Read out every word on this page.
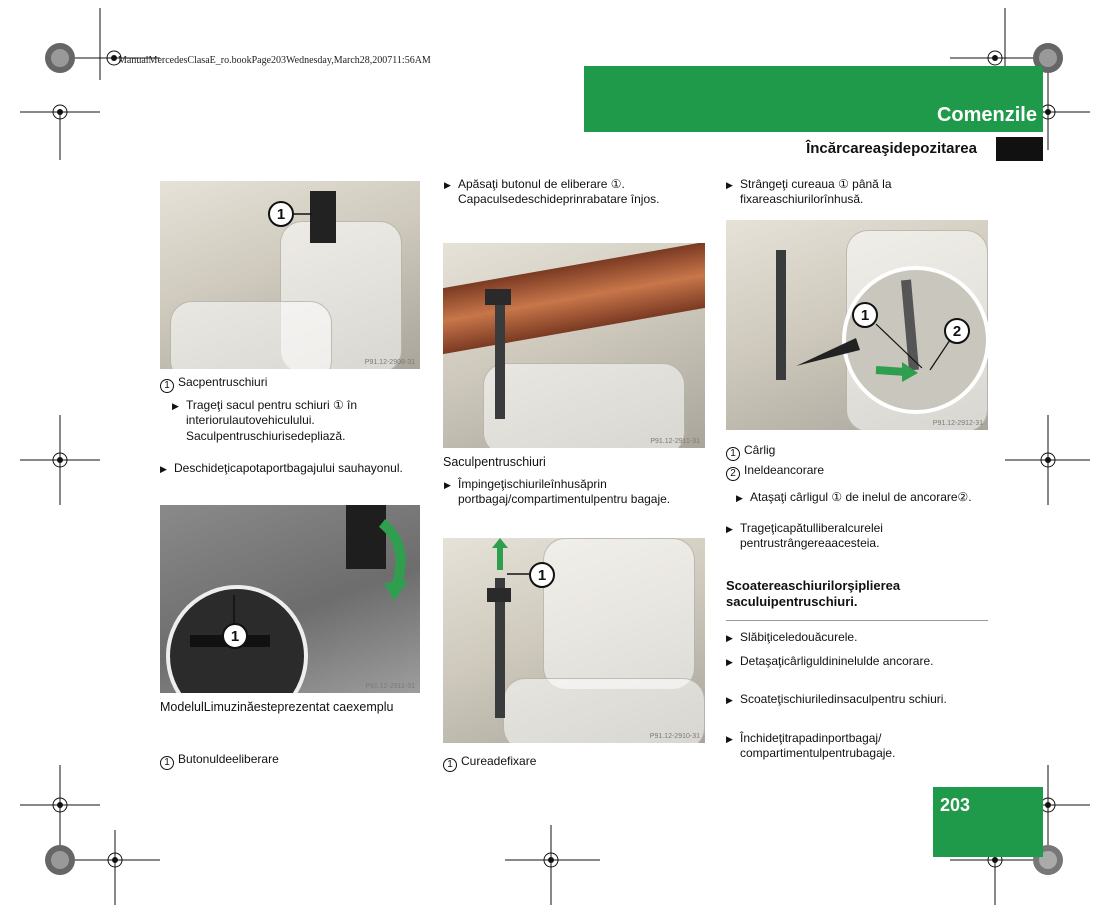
ManualMercedesClasaE_ro.bookPage203Wednesday,March28,200711:56AM
Comenzile
Încărcareaşidepozitarea
1
P91.12-2908-31
1 Sacpentruschiuri
▶ Trageţi sacul pentru schiuri ① în interiorulautovehiculului.
Saculpentruschiurisedepliază.
▶ Deschideţicapotaportbagajului sauhayonul.
1
P91.12-2911-31
ModelulLimuzinăesteprezentat caexemplu
1 Butonuldeeliberare
▶ Apăsaţi butonul de eliberare ①.
Capaculsedeschideprinrabatare înjos.
P91.12-2911-31
Saculpentruschiuri
▶ Împingeţischiurileînhusăprin portbagaj/compartimentulpentru bagaje.
1
P91.12-2910-31
1 Cureadefixare
▶ Strângeţi cureaua ① până la fixareaschiurilorînhusă.
1
2
P91.12-2912-31
1 Cârlig
2 Ineldeancorare
▶ Ataşaţi cârligul ① de inelul de ancorare②.
▶ Trageţicapătulliberalcurelei pentrustrângereaacesteia.
Scoatereaschiurilorşiplierea saculuipentruschiuri.
▶ Slăbiţiceledouăcurele.
▶ Detaşaţicârliguldininelulde ancorare.
▶ Scoateţischiuriledinsaculpentru schiuri.
▶ Închideţitrapadinportbagaj/ compartimentulpentrubagaje.
203
